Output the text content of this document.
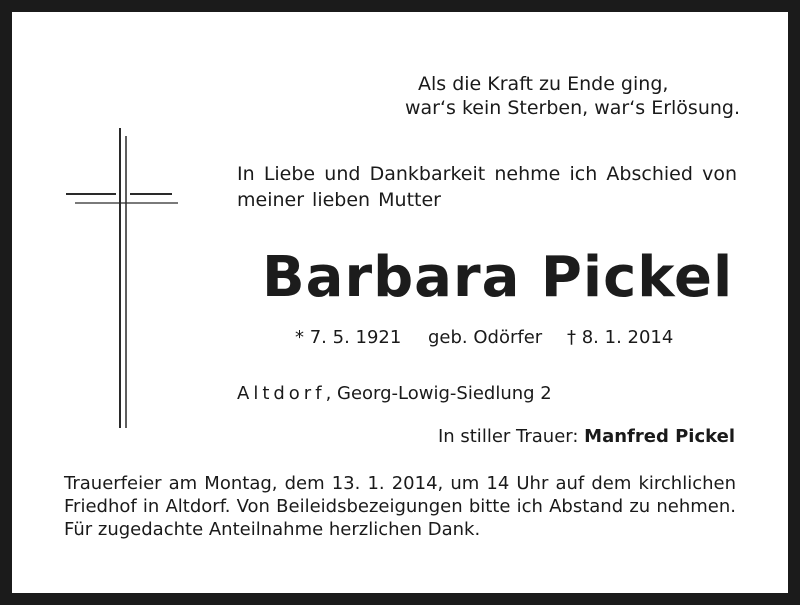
Als die Kraft zu Ende ging,
war‘s kein Sterben, war‘s Erlösung.
In Liebe und Dankbarkeit nehme ich Abschied von meiner lieben Mutter
Barbara Pickel
* 7. 5. 1921 geb. Odörfer † 8. 1. 2014
Altdorf, Georg-Lowig-Siedlung 2
In stiller Trauer: Manfred Pickel
Trauerfeier am Montag, dem 13. 1. 2014, um 14 Uhr auf dem kirchlichen Friedhof in Altdorf. Von Beileidsbezeigungen bitte ich Abstand zu nehmen. Für zugedachte Anteilnahme herzlichen Dank.
